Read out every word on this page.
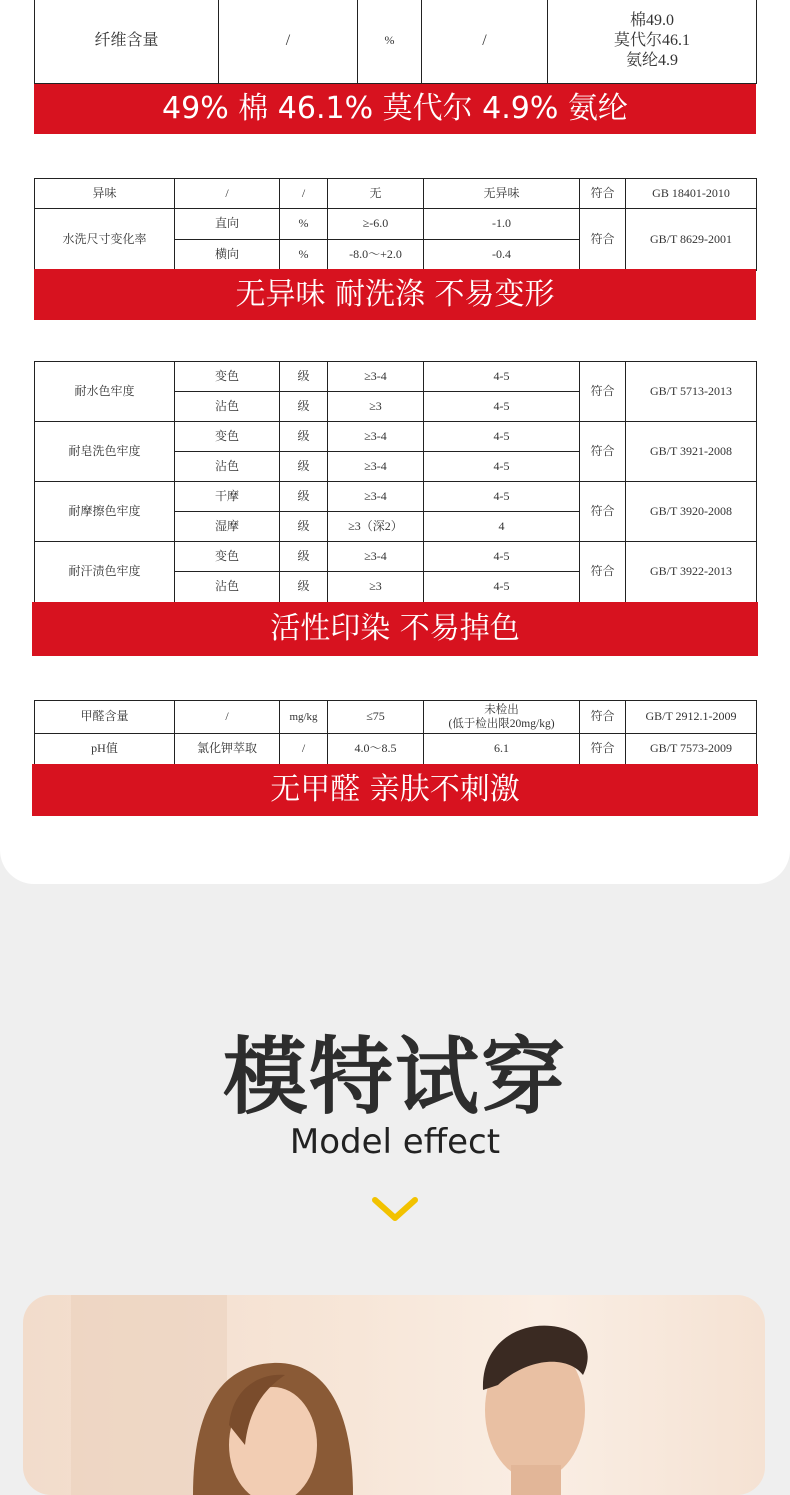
纤维含量	/	%	/	
棉49.0
莫代尔46.1
氨纶4.9
49% 棉 46.1% 莫代尔 4.9% 氨纶
异味	/	/	无	无异味	符合	GB 18401-2010
水洗尺寸变化率	直向	%	≥-6.0	-1.0	符合	GB/T 8629-2001
	横向	%	-8.0～+2.0	-0.4		
无异味 耐洗涤 不易变形
耐水色牢度	变色	级	≥3-4	4-5	符合	GB/T 5713-2013
	沾色	级	≥3	4-5		
耐皂洗色牢度	变色	级	≥3-4	4-5	符合	GB/T 3921-2008
	沾色	级	≥3-4	4-5		
耐摩擦色牢度	干摩	级	≥3-4	4-5	符合	GB/T 3920-2008
	湿摩	级	≥3（深2）	4		
耐汗渍色牢度	变色	级	≥3-4	4-5	符合	GB/T 3922-2013
	沾色	级	≥3	4-5		
活性印染 不易掉色
甲醛含量	/	mg/kg	≤75	未检出
(低于检出限20mg/kg)	符合	GB/T 2912.1-2009
pH值	氯化钾萃取	/	4.0～8.5	6.1	符合	GB/T 7573-2009
无甲醛 亲肤不刺激
模特试穿
Model effect
